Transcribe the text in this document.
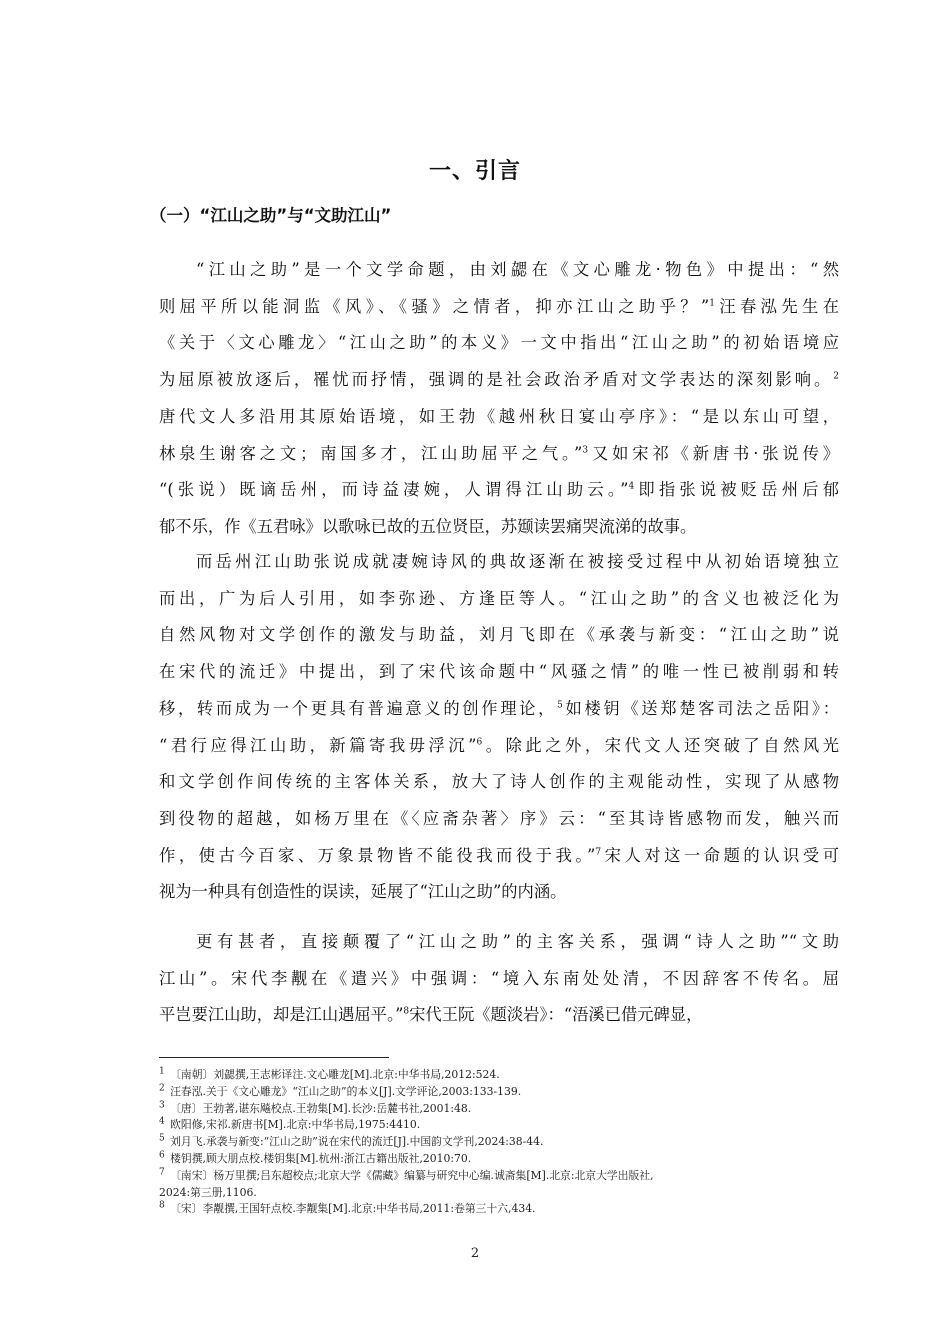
一、引言
（一）“江山之助”与“文助江山”
“江山之助”是一个文学命题，由刘勰在《文心雕龙·物色》中提出：“然
则屈平所以能洞监《风》、《骚》之情者，抑亦江山之助乎？”$^1$汪春泓先生在
《关于〈文心雕龙〉“江山之助”的本义》一文中指出“江山之助”的初始语境应
为屈原被放逐后，罹忧而抒情，强调的是社会政治矛盾对文学表达的深刻影响。$^2$
唐代文人多沿用其原始语境，如王勃《越州秋日宴山亭序》：“是以东山可望，
林泉生谢客之文；南国多才，江山助屈平之气。”$^3$又如宋祁《新唐书·张说传》
“(张说）既谪岳州，而诗益凄婉，人谓得江山助云。”$^4$即指张说被贬岳州后郁
郁不乐，作《五君咏》以歌咏已故的五位贤臣，苏颋读罢痛哭流涕的故事。
而岳州江山助张说成就凄婉诗风的典故逐渐在被接受过程中从初始语境独立
而出，广为后人引用，如李弥逊、方逢臣等人。“江山之助”的含义也被泛化为
自然风物对文学创作的激发与助益，刘月飞即在《承袭与新变：“江山之助”说
在宋代的流迁》中提出，到了宋代该命题中“风骚之情”的唯一性已被削弱和转
移，转而成为一个更具有普遍意义的创作理论，$^5$如楼钥《送郑楚客司法之岳阳》：
“君行应得江山助，新篇寄我毋浮沉”$^6$。除此之外，宋代文人还突破了自然风光
和文学创作间传统的主客体关系，放大了诗人创作的主观能动性，实现了从感物
到役物的超越，如杨万里在《〈应斋杂著〉序》云：“至其诗皆感物而发，触兴而
作，使古今百家、万象景物皆不能役我而役于我。”$^7$宋人对这一命题的认识受可
视为一种具有创造性的误读，延展了“江山之助”的内涵。
更有甚者，直接颠覆了“江山之助”的主客关系，强调“诗人之助”“文助
江山”。宋代李觏在《遣兴》中强调：“境入东南处处清，不因辞客不传名。屈
平岂要江山助，却是江山遇屈平。”$^8$宋代王阮《题淡岩》：“浯溪已借元碑显，
$^1$  〔南朝〕刘勰撰,王志彬译注.文心雕龙[M].北京:中华书局,2012:524.
$^2$  汪春泓.关于《文心雕龙》“江山之助”的本义[J].文学评论,2003:133-139.
$^3$  〔唐〕王勃著,谌东飚校点.王勃集[M].长沙:岳麓书社,2001:48.
$^4$  欧阳修,宋祁.新唐书[M].北京:中华书局,1975:4410.
$^5$  刘月飞.承袭与新变:“江山之助”说在宋代的流迁[J].中国韵文学刊,2024:38-44.
$^6$  楼钥撰,顾大朋点校.楼钥集[M].杭州:浙江古籍出版社,2010:70.
$^7$  〔南宋〕杨万里撰;吕东超校点;北京大学《儒藏》编纂与研究中心编.诚斋集[M].北京:北京大学出版社,
2024:第三册,1106.
$^8$  〔宋〕李觏撰,王国轩点校.李觏集[M].北京:中华书局,2011:卷第三十六,434.
2
